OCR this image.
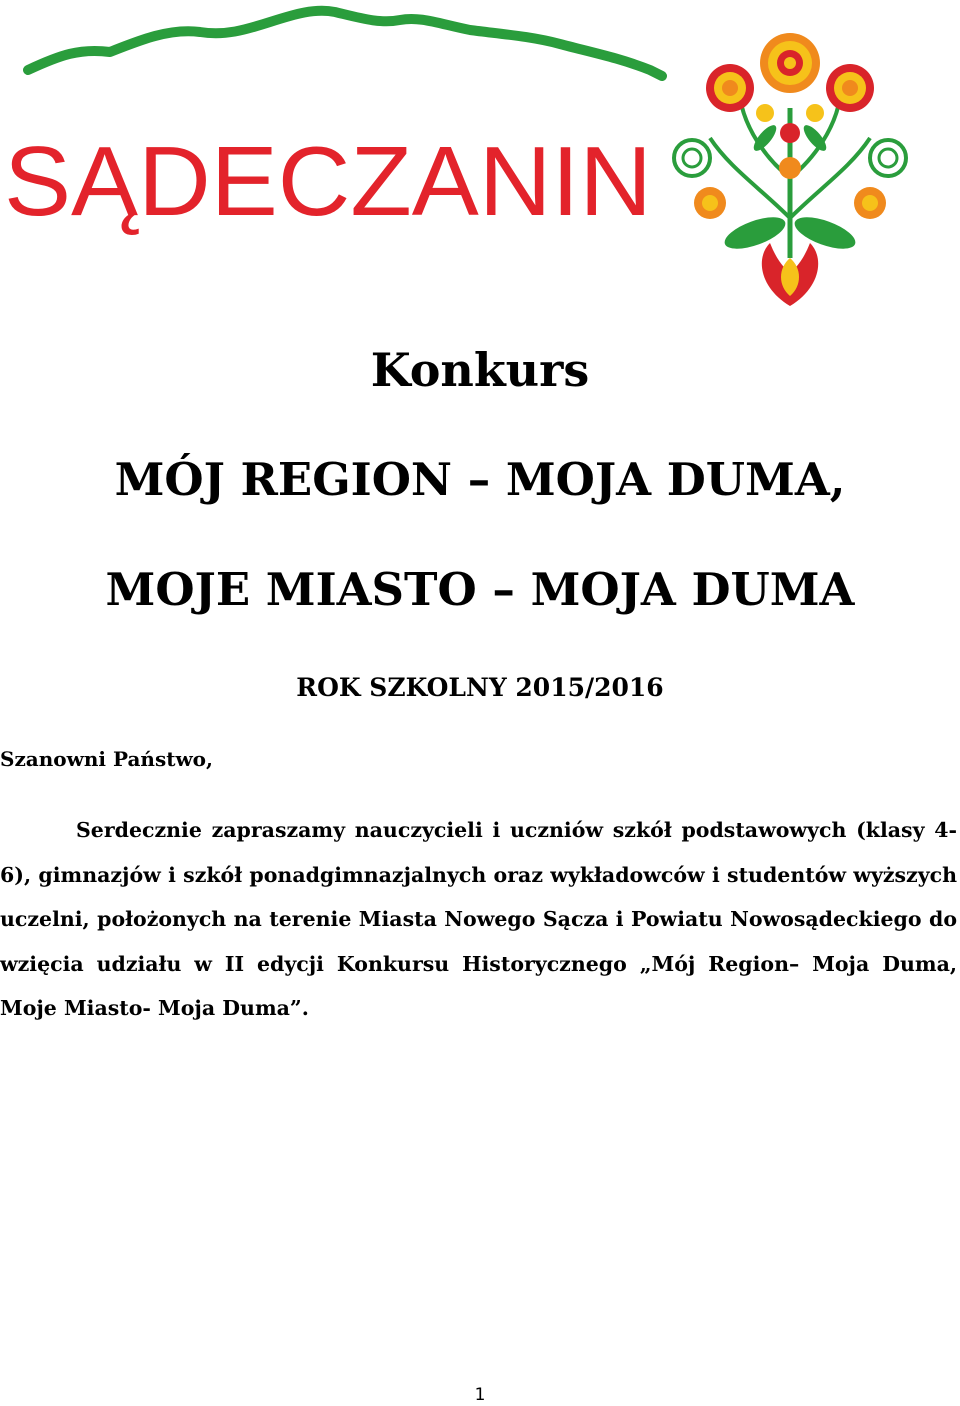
SĄDECZANIN
Konkurs
MÓJ REGION – MOJA DUMA,
MOJE MIASTO – MOJA DUMA
ROK SZKOLNY 2015/2016
Szanowni Państwo,
Serdecznie zapraszamy nauczycieli i uczniów szkół podstawowych (klasy 4-6), gimnazjów i szkół ponadgimnazjalnych oraz wykładowców i studentów wyższych uczelni, położonych na terenie Miasta Nowego Sącza i Powiatu Nowosądeckiego do wzięcia udziału w II edycji Konkursu Historycznego „Mój Region– Moja Duma, Moje Miasto- Moja Duma”.
1
